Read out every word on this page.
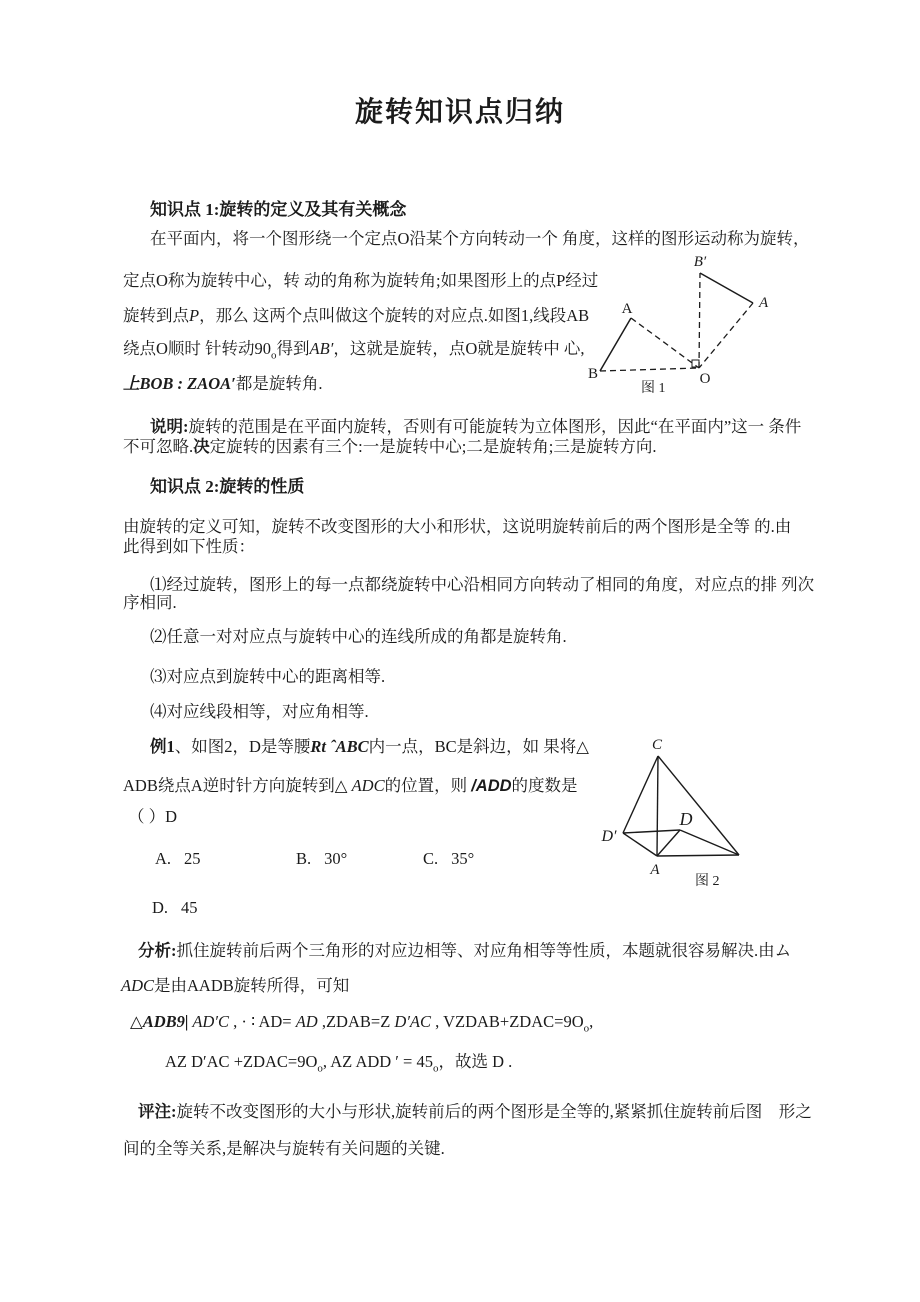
旋转知识点归纳
知识点 1:旋转的定义及其有关概念
在平面内，将一个图形绕一个定点O沿某个方向转动一个 角度，这样的图形运动称为旋转，
定点O称为旋转中心，转 动的角称为旋转角;如果图形上的点P经过
旋转到点P，那么 这两个点叫做这个旋转的对应点.如图1,线段AB
绕点O顺时 针转动$90_o$得到AB′，这就是旋转，点O就是旋转中 心,
上BOB : ZAOA′都是旋转角.
B′
A
A
B	O
图 1
说明:旋转的范围是在平面内旋转，否则有可能旋转为立体图形，因此“在平面内”这一 条件
不可忽略.决定旋转的因素有三个:一是旋转中心;二是旋转角;三是旋转方向.
知识点 2:旋转的性质
由旋转的定义可知，旋转不改变图形的大小和形状，这说明旋转前后的两个图形是全等 的.由
此得到如下性质：
⑴经过旋转，图形上的每一点都绕旋转中心沿相同方向转动了相同的角度，对应点的排 列次
序相同.
⑵任意一对对应点与旋转中心的连线所成的角都是旋转角.
⑶对应点到旋转中心的距离相等.
⑷对应线段相等，对应角相等.
例1、如图2，D是等腰Rt ˆABC内一点，BC是斜边，如 果将△
ADB绕点A逆时针方向旋转到△ ADC的位置，则 /ADD的度数是
（ ）D
A. 25	B. 30°	C. 35°
D. 45
C
D′
D
A
图 2
分析:抓住旋转前后两个三角形的对应边相等、对应角相等等性质，本题就很容易解决.由ム
ADC是由AADB旋转所得，可知
△ADB9| AD′C , · ∶ AD= AD ,ZDAB=Z D′AC , $VZDAB+ZDAC=9O_o$,
AZ $D'AC +ZDAC=9O_o$, AZ ADD ′ = $45_o$，故选 D .
评注:旋转不改变图形的大小与形状,旋转前后的两个图形是全等的,紧紧抓住旋转前后图　形之
间的全等关系,是解决与旋转有关问题的关键.
